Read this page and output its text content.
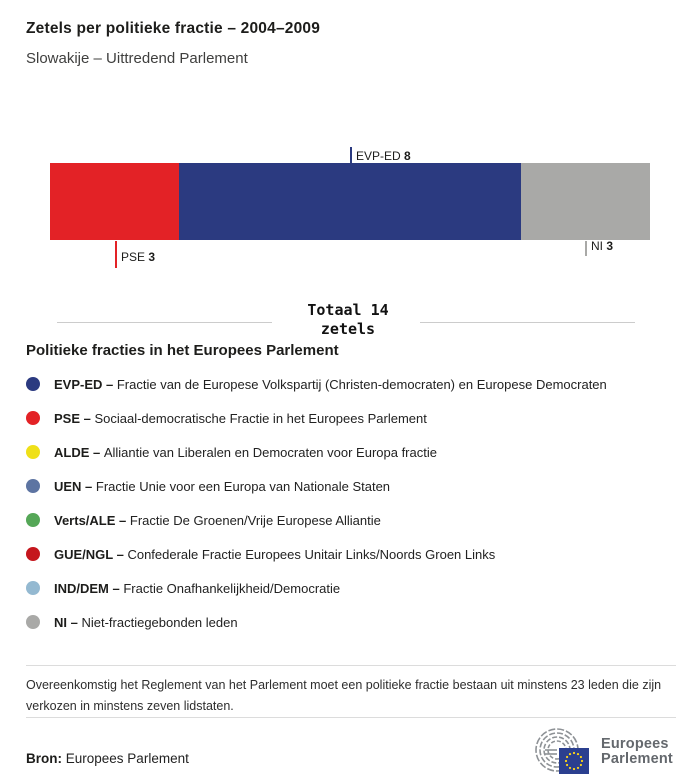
Zetels per politieke fractie – 2004–2009
Slowakije – Uittredend Parlement
EVP-ED 8
PSE 3
NI 3
Totaal 14
zetels
Politieke fracties in het Europees Parlement
EVP-ED – Fractie van de Europese Volkspartij (Christen-democraten) en Europese Democraten
PSE – Sociaal-democratische Fractie in het Europees Parlement
ALDE – Alliantie van Liberalen en Democraten voor Europa fractie
UEN – Fractie Unie voor een Europa van Nationale Staten
Verts/ALE – Fractie De Groenen/Vrije Europese Alliantie
GUE/NGL – Confederale Fractie Europees Unitair Links/Noords Groen Links
IND/DEM – Fractie Onafhankelijkheid/Democratie
NI – Niet-fractiegebonden leden
Overeenkomstig het Reglement van het Parlement moet een politieke fractie bestaan uit minstens 23 leden die zijn verkozen in minstens zeven lidstaten.
Bron: Europees Parlement
Europees
Parlement
